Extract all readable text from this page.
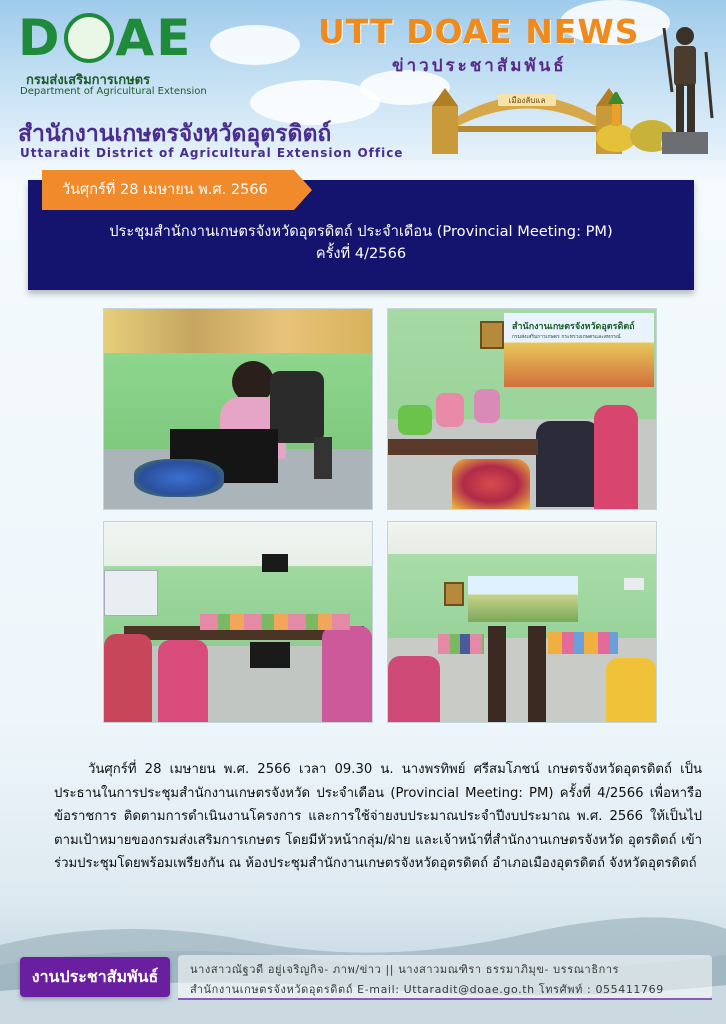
D AE
กรมส่งเสริมการเกษตร
Department of Agricultural Extension
UTT DOAE NEWS
ข่าวประชาสัมพันธ์
สำนักงานเกษตรจังหวัดอุตรดิตถ์
Uttaradit District of Agricultural Extension Office
เมืองลับแล
วันศุกร์ที่ 28 เมษายน พ.ศ. 2566
ประชุมสำนักงานเกษตรจังหวัดอุตรดิตถ์ ประจำเดือน (Provincial Meeting: PM)
ครั้งที่ 4/2566
สำนักงานเกษตรจังหวัดอุตรดิตถ์
กรมส่งเสริมการเกษตร กระทรวงเกษตรและสหกรณ์
วันศุกร์ที่ 28 เมษายน พ.ศ. 2566 เวลา 09.30 น. นางพรทิพย์ ศรีสมโภชน์ เกษตรจังหวัดอุตรดิตถ์ เป็นประธานในการประชุมสำนักงานเกษตรจังหวัด ประจำเดือน (Provincial Meeting: PM) ครั้งที่ 4/2566 เพื่อหารือข้อราชการ ติดตามการดำเนินงานโครงการ และการใช้จ่ายงบประมาณประจำปีงบประมาณ พ.ศ. 2566 ให้เป็นไปตามเป้าหมายของกรมส่งเสริมการเกษตร โดยมีหัวหน้ากลุ่ม/ฝ่าย และเจ้าหน้าที่สำนักงานเกษตรจังหวัด อุตรดิตถ์ เข้าร่วมประชุมโดยพร้อมเพรียงกัน ณ ห้องประชุมสำนักงานเกษตรจังหวัดอุตรดิตถ์ อำเภอเมืองอุตรดิตถ์ จังหวัดอุตรดิตถ์
งานประชาสัมพันธ์	นางสาวณัฐวดี อยู่เจริญกิจ- ภาพ/ข่าว || นางสาวมณฑิรา ธรรมาภิมุข- บรรณาธิการ
สำนักงานเกษตรจังหวัดอุตรดิตถ์ E-mail: Uttaradit@doae.go.th โทรศัพท์ : 055411769
